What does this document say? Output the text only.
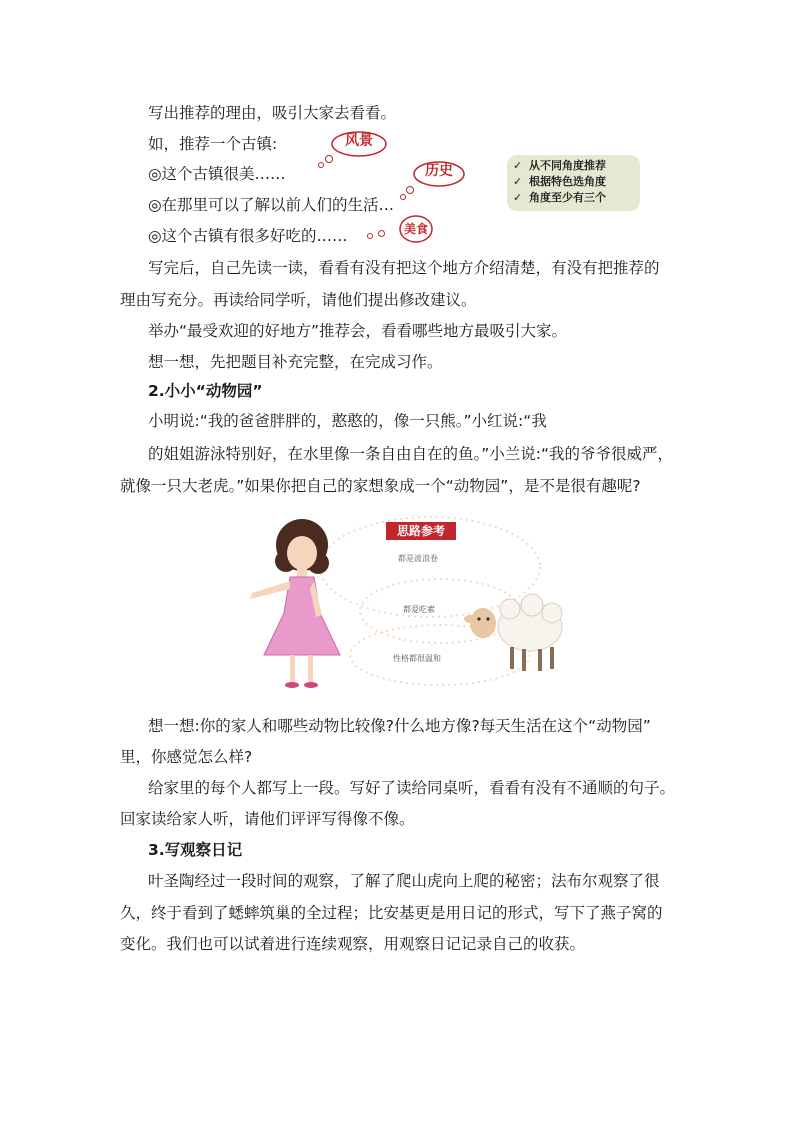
写出推荐的理由，吸引大家去看看。
如，推荐一个古镇:
◎这个古镇很美……
◎在那里可以了解以前人们的生活…
◎这个古镇有很多好吃的……
风景
历史
美食
✓ 从不同角度推荐
✓ 根据特色选角度
✓ 角度至少有三个
写完后，自己先读一读，看看有没有把这个地方介绍清楚，有没有把推荐的
理由写充分。再读给同学听，请他们提出修改建议。
举办“最受欢迎的好地方”推荐会，看看哪些地方最吸引大家。
想一想，先把题目补充完整，在完成习作。
2.小小“动物园”
小明说:“我的爸爸胖胖的，憨憨的，像一只熊。”小红说:“我
的姐姐游泳特别好，在水里像一条自由自在的鱼。”小兰说:“我的爷爷很威严，
就像一只大老虎。”如果你把自己的家想象成一个“动物园”，是不是很有趣呢?
思路参考
都是波浪卷
都爱吃素
性格都很温和
想一想:你的家人和哪些动物比较像?什么地方像?每天生活在这个“动物园”
里，你感觉怎么样?
给家里的每个人都写上一段。写好了读给同桌听，看看有没有不通顺的句子。
回家读给家人听，请他们评评写得像不像。
3.写观察日记
叶圣陶经过一段时间的观察，了解了爬山虎向上爬的秘密；法布尔观察了很
久，终于看到了蟋蟀筑巢的全过程；比安基更是用日记的形式，写下了燕子窝的
变化。我们也可以试着进行连续观察，用观察日记记录自己的收获。
